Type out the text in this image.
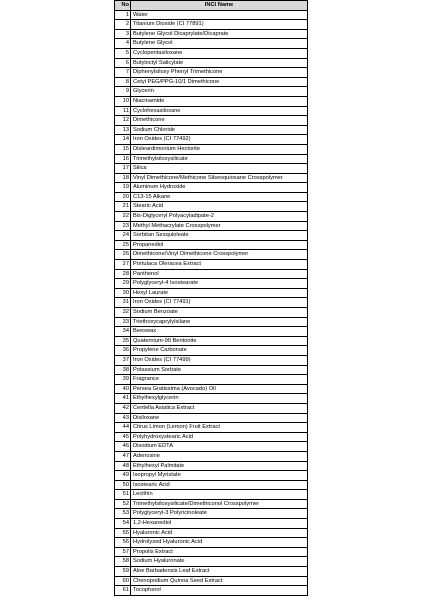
No	INCI Name
1	Water
2	Titanium Dioxide (CI 77891)
3	Butylene Glycol Dicaprylate/Dicaprate
4	Butylene Glycol
5	Cyclopentasiloxane
6	Butyloctyl Salicylate
7	Diphenylsiloxy Phenyl Trimethicone
8	Cetyl PEG/PPG-10/1 Dimethicone
9	Glycerin
10	Niacinamide
11	Cyclohexasiloxane
12	Dimethicone
13	Sodium Chloride
14	Iron Oxides (CI 77492)
15	Disteardimonium Hectorite
16	Trimethylsiloxysilicate
17	Silica
18	Vinyl Dimethicone/Methicone Silsesquioxane Crosspolymer
19	Aluminum Hydroxide
20	C13-15 Alkane
21	Stearic Acid
22	Bis-Diglyceryl Polyacyladipate-2
23	Methyl Methacrylate Crosspolymer
24	Sorbitan Sesquioleate
25	Propanediol
26	Dimethicone/Vinyl Dimethicone Crosspolymer
27	Portulaca Oleracea Extract
28	Panthenol
29	Polyglyceryl-4 Isostearate
30	Hexyl Laurate
31	Iron Oxides (CI 77491)
32	Sodium Benzoate
33	Triethoxycaprylylsilane
34	Beeswax
35	Quaternium-90 Bentonite
36	Propylene Carbonate
37	Iron Oxides (CI 77499)
38	Potassium Sorbate
39	Fragrance
40	Persea Gratissima (Avocado) Oil
41	Ethylhexylglycerin
42	Centella Asiatica Extract
43	Disiloxane
44	Citrus Limon (Lemon) Fruit Extract
45	Polyhydroxystearic Acid
46	Disodium EDTA
47	Adenosine
48	Ethylhexyl Palmitate
49	Isopropyl Myristate
50	Isostearic Acid
51	Lecithin
52	Trimethylsiloxysilicate/Dimethiconol Crosspolymer
53	Polyglyceryl-3 Polyricinoleate
54	1,2-Hexanediol
55	Hyaluronic Acid
56	Hydrolyzed Hyaluronic Acid
57	Propolis Extract
58	Sodium Hyaluronate
59	Aloe Barbadensis Leaf Extract
60	Chenopodium Quinoa Seed Extract
61	Tocopherol
